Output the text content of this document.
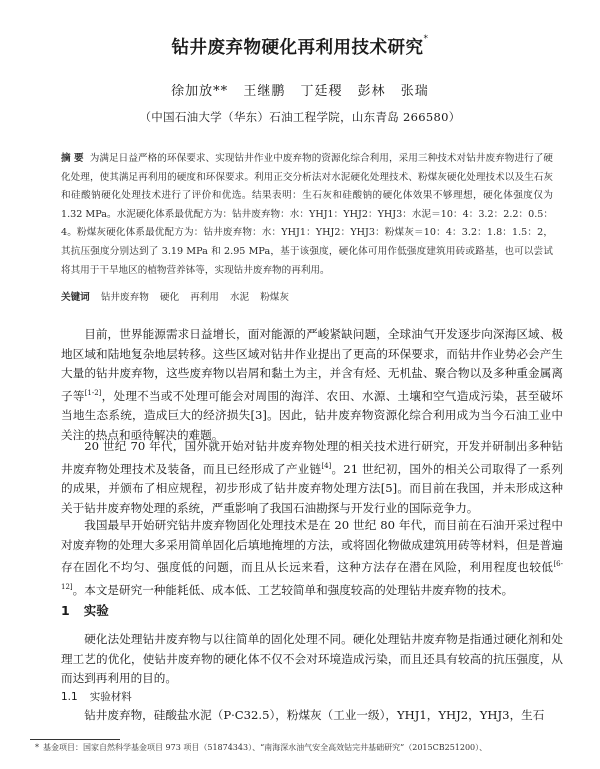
钻井废弃物硬化再利用技术研究*
徐加放** 王继鹏 丁廷稷 彭林 张瑞
（中国石油大学（华东）石油工程学院，山东青岛 266580）
摘 要 为满足日益严格的环保要求、实现钻井作业中废弃物的资源化综合利用，采用三种技术对钻井废弃物进行了硬化处理，使其满足再利用的硬度和环保要求。利用正交分析法对水泥硬化处理技术、粉煤灰硬化处理技术以及生石灰和硅酸钠硬化处理技术进行了评价和优选。结果表明：生石灰和硅酸钠的硬化体效果不够理想，硬化体强度仅为 1.32 MPa。水泥硬化体系最优配方为：钻井废弃物：水：YHJ1：YHJ2：YHJ3：水泥＝10：4：3.2：2.2：0.5：4。粉煤灰硬化体系最优配方为：钻井废弃物：水：YHJ1：YHJ2：YHJ3：粉煤灰＝10：4：3.2：1.8：1.5：2，其抗压强度分别达到了 3.19 MPa 和 2.95 MPa，基于该强度，硬化体可用作低强度建筑用砖或路基，也可以尝试将其用于干旱地区的植物营养钵等，实现钻井废弃物的再利用。
关键词 钻井废弃物 硬化 再利用 水泥 粉煤灰
目前，世界能源需求日益增长，面对能源的严峻紧缺问题，全球油气开发逐步向深海区域、极地区域和陆地复杂地层转移。这些区域对钻井作业提出了更高的环保要求，而钻井作业势必会产生大量的钻井废弃物，这些废弃物以岩屑和黏土为主，并含有烃、无机盐、聚合物以及多种重金属离子等[1-2]，处理不当或不处理可能会对周围的海洋、农田、水源、土壤和空气造成污染，甚至破坏当地生态系统，造成巨大的经济损失[3]。因此，钻井废弃物资源化综合利用成为当今石油工业中关注的热点和亟待解决的难题。
20 世纪 70 年代，国外就开始对钻井废弃物处理的相关技术进行研究，开发并研制出多种钻井废弃物处理技术及装备，而且已经形成了产业链[4]。21 世纪初，国外的相关公司取得了一系列的成果，并颁布了相应规程，初步形成了钻井废弃物处理方法[5]。而目前在我国，并未形成这种关于钻井废弃物处理的系统，严重影响了我国石油勘探与开发行业的国际竞争力。
我国最早开始研究钻井废弃物固化处理技术是在 20 世纪 80 年代，而目前在石油开采过程中对废弃物的处理大多采用简单固化后填地掩埋的方法，或将固化物做成建筑用砖等材料，但是普遍存在固化不均匀、强度低的问题，而且从长远来看，这种方法存在潜在风险，利用程度也较低[6-12]。本文是研究一种能耗低、成本低、工艺较简单和强度较高的处理钻井废弃物的技术。
1 实验
硬化法处理钻井废弃物与以往简单的固化处理不同。硬化处理钻井废弃物是指通过硬化剂和处理工艺的优化，使钻井废弃物的硬化体不仅不会对环境造成污染，而且还具有较高的抗压强度，从而达到再利用的目的。
1.1 实验材料
钻井废弃物，硅酸盐水泥（P·C32.5），粉煤灰（工业一级），YHJ1，YHJ2，YHJ3，生石
* 基金项目：国家自然科学基金项目 973 项目（51874343）、“南海深水油气安全高效钻完井基础研究”（2015CB251200）、
